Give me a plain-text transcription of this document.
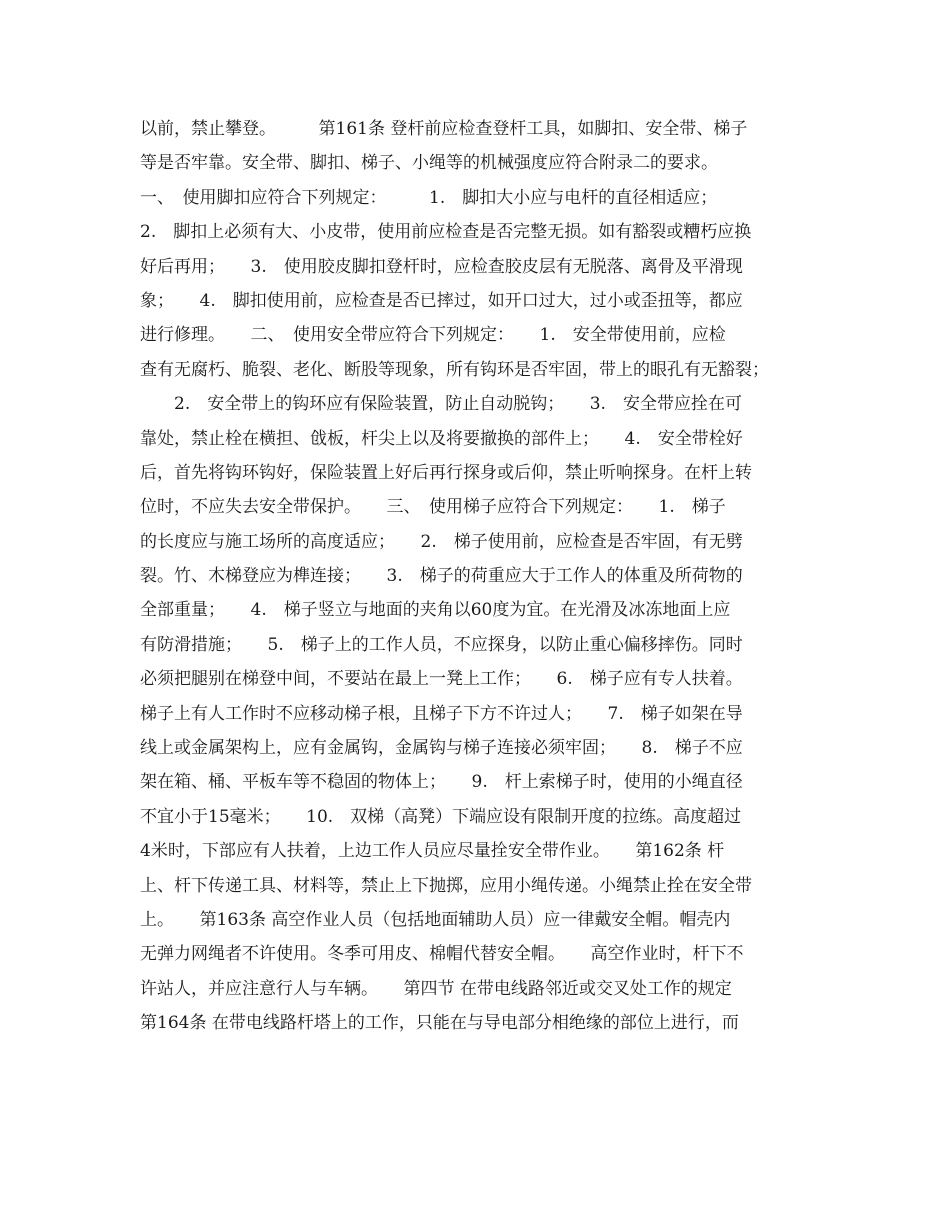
以前，禁止攀登。　　　第161条 登杆前应检查登杆工具，如脚扣、安全带、梯子
等是否牢靠。安全带、脚扣、梯子、小绳等的机械强度应符合附录二的要求。
一、　使用脚扣应符合下列规定：　　　1.　脚扣大小应与电杆的直径相适应；
2.　脚扣上必须有大、小皮带，使用前应检查是否完整无损。如有豁裂或糟朽应换
好后再用；　　3.　使用胶皮脚扣登杆时，应检查胶皮层有无脱落、离骨及平滑现
象；　　4.　脚扣使用前，应检查是否已摔过，如开口过大，过小或歪扭等，都应
进行修理。　　二、　使用安全带应符合下列规定：　　1.　安全带使用前，应检
查有无腐朽、脆裂、老化、断股等现象，所有钩环是否牢固，带上的眼孔有无豁裂；
　　2.　安全带上的钩环应有保险装置，防止自动脱钩；　　3.　安全带应拴在可
靠处，禁止栓在横担、戗板，杆尖上以及将要撤换的部件上；　　4.　安全带栓好
后，首先将钩环钩好，保险装置上好后再行探身或后仰，禁止听响探身。在杆上转
位时，不应失去安全带保护。　　三、　使用梯子应符合下列规定：　　1.　梯子
的长度应与施工场所的高度适应；　　2.　梯子使用前，应检查是否牢固，有无劈
裂。竹、木梯登应为榫连接；　　3.　梯子的荷重应大于工作人的体重及所荷物的
全部重量；　　4.　梯子竖立与地面的夹角以60度为宜。在光滑及冰冻地面上应
有防滑措施；　　5.　梯子上的工作人员，不应探身，以防止重心偏移摔伤。同时
必须把腿别在梯登中间，不要站在最上一凳上工作；　　6.　梯子应有专人扶着。
梯子上有人工作时不应移动梯子根，且梯子下方不许过人；　　7.　梯子如架在导
线上或金属架构上，应有金属钩，金属钩与梯子连接必须牢固；　　8.　梯子不应
架在箱、桶、平板车等不稳固的物体上；　　9.　杆上索梯子时，使用的小绳直径
不宜小于15毫米；　　10.　双梯（高凳）下端应设有限制开度的拉练。高度超过
4米时，下部应有人扶着，上边工作人员应尽量拴安全带作业。　　第162条 杆
上、杆下传递工具、材料等，禁止上下抛掷，应用小绳传递。小绳禁止拴在安全带
上。　　第163条 高空作业人员（包括地面辅助人员）应一律戴安全帽。帽壳内
无弹力网绳者不许使用。冬季可用皮、棉帽代替安全帽。　　高空作业时，杆下不
许站人，并应注意行人与车辆。　　第四节 在带电线路邻近或交叉处工作的规定
第164条 在带电线路杆塔上的工作，只能在与导电部分相绝缘的部位上进行，而
